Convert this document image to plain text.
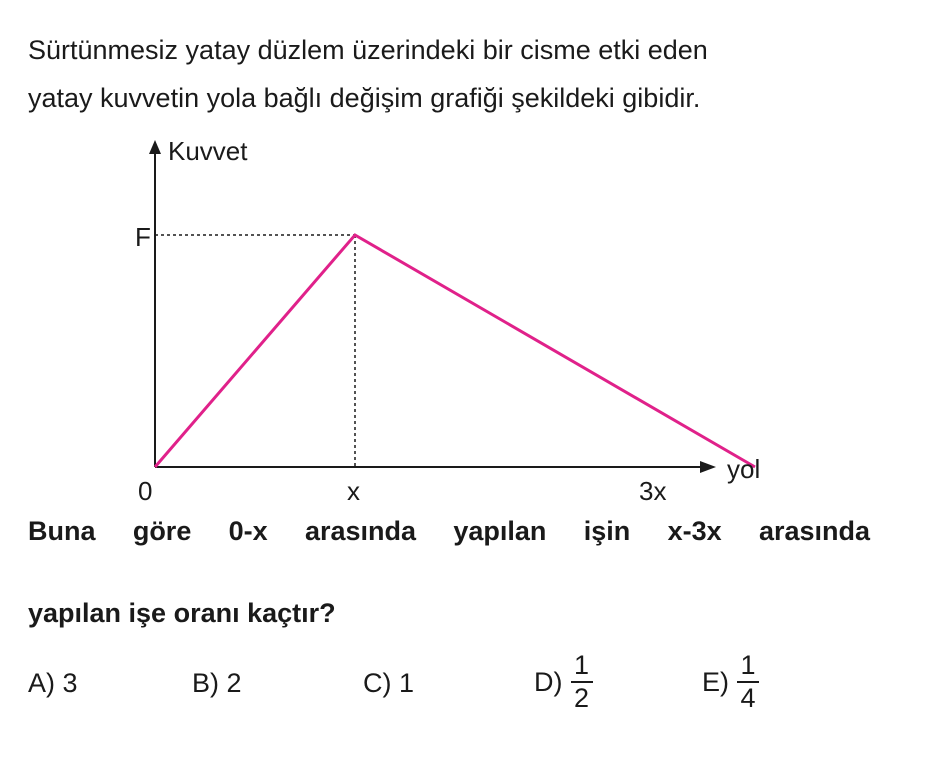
Sürtünmesiz yatay düzlem üzerindeki bir cisme etki eden
yatay kuvvetin yola bağlı değişim grafiği şekildeki gibidir.
Kuvvet
yol
F
0	x	3x

Buna göre 0-x arasında yapılan işin x-3x arasında

yapılan işe oranı kaçtır?

A) 3	B) 2	C) 1	$D) \frac{1}{2}$	$E) \frac{1}{4}$
